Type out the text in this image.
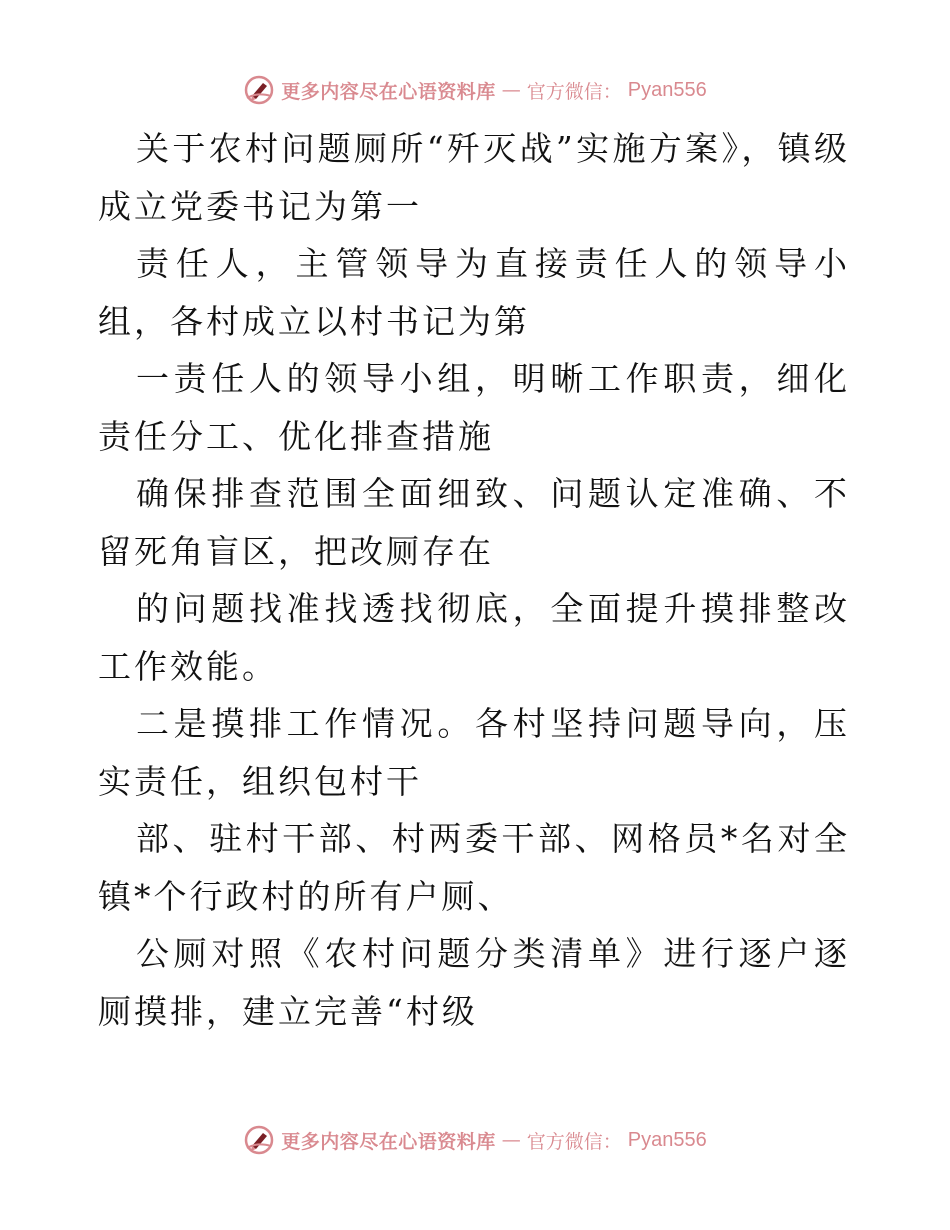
更多内容尽在心语资料库 — 官方微信： Pyan556

关于农村问题厕所“歼灭战”实施方案》，镇级成立党委书记为第一

责任人，主管领导为直接责任人的领导小组，各村成立以村书记为第

一责任人的领导小组，明晰工作职责，细化责任分工、优化排查措施

确保排查范围全面细致、问题认定准确、不留死角盲区，把改厕存在

的问题找准找透找彻底，全面提升摸排整改工作效能。

二是摸排工作情况。各村坚持问题导向，压实责任，组织包村干

部、驻村干部、村两委干部、网格员*名对全镇*个行政村的所有户厕、

公厕对照《农村问题分类清单》进行逐户逐厕摸排，建立完善“村级

更多内容尽在心语资料库 — 官方微信： Pyan556
